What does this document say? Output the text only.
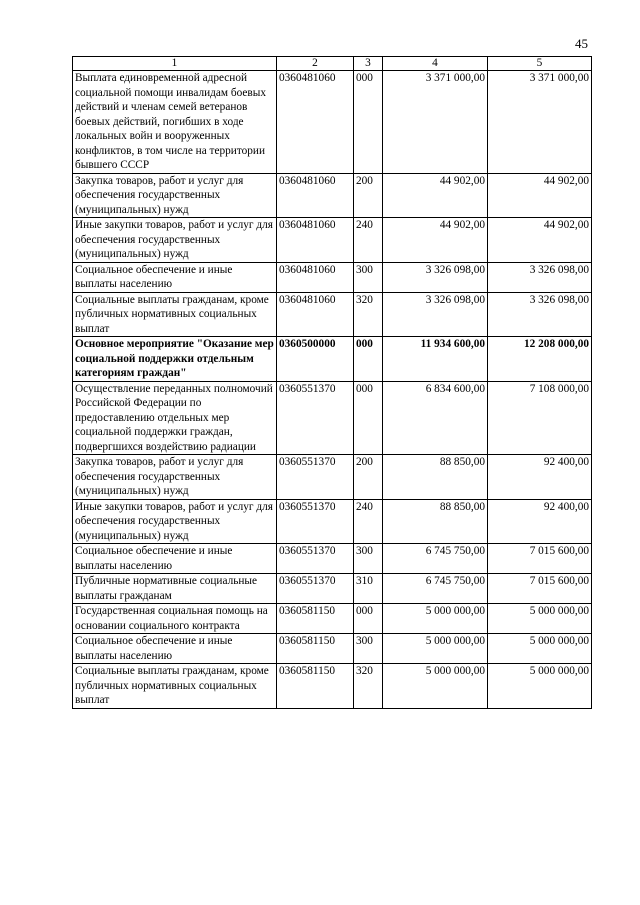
45
1	2	3	4	5
Выплата единовременной адресной социальной помощи инвалидам боевых действий и членам семей ветеранов боевых действий, погибших в ходе локальных войн и вооруженных конфликтов, в том числе на территории бывшего СССР	0360481060	000	3 371 000,00	3 371 000,00
Закупка товаров, работ и услуг для обеспечения государственных (муниципальных) нужд	0360481060	200	44 902,00	44 902,00
Иные закупки товаров, работ и услуг для обеспечения государственных (муниципальных) нужд	0360481060	240	44 902,00	44 902,00
Социальное обеспечение и иные выплаты населению	0360481060	300	3 326 098,00	3 326 098,00
Социальные выплаты гражданам, кроме публичных нормативных социальных выплат	0360481060	320	3 326 098,00	3 326 098,00
Основное мероприятие "Оказание мер социальной поддержки отдельным категориям граждан"	0360500000	000	11 934 600,00	12 208 000,00
Осуществление переданных полномочий Российской Федерации по предоставлению отдельных мер социальной поддержки граждан, подвергшихся воздействию радиации	0360551370	000	6 834 600,00	7 108 000,00
Закупка товаров, работ и услуг для обеспечения государственных (муниципальных) нужд	0360551370	200	88 850,00	92 400,00
Иные закупки товаров, работ и услуг для обеспечения государственных (муниципальных) нужд	0360551370	240	88 850,00	92 400,00
Социальное обеспечение и иные выплаты населению	0360551370	300	6 745 750,00	7 015 600,00
Публичные нормативные социальные выплаты гражданам	0360551370	310	6 745 750,00	7 015 600,00
Государственная социальная помощь на основании социального контракта	0360581150	000	5 000 000,00	5 000 000,00
Социальное обеспечение и иные выплаты населению	0360581150	300	5 000 000,00	5 000 000,00
Социальные выплаты гражданам, кроме публичных нормативных социальных выплат	0360581150	320	5 000 000,00	5 000 000,00
